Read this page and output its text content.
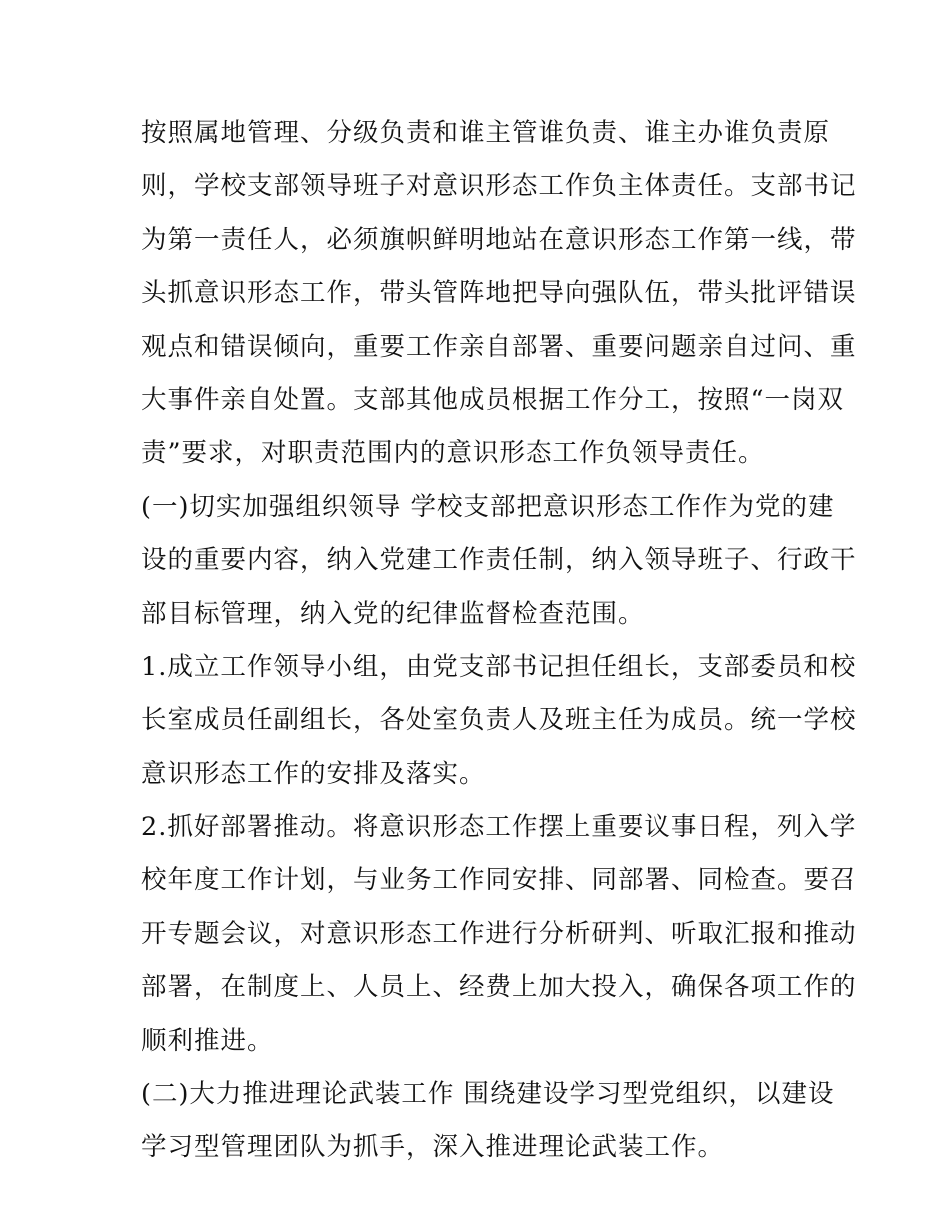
按照属地管理、分级负责和谁主管谁负责、谁主办谁负责原
则，学校支部领导班子对意识形态工作负主体责任。支部书记
为第一责任人，必须旗帜鲜明地站在意识形态工作第一线，带
头抓意识形态工作，带头管阵地把导向强队伍，带头批评错误
观点和错误倾向，重要工作亲自部署、重要问题亲自过问、重
大事件亲自处置。支部其他成员根据工作分工，按照“一岗双
责”要求，对职责范围内的意识形态工作负领导责任。
(一)切实加强组织领导 学校支部把意识形态工作作为党的建
设的重要内容，纳入党建工作责任制，纳入领导班子、行政干
部目标管理，纳入党的纪律监督检查范围。
1.成立工作领导小组，由党支部书记担任组长，支部委员和校
长室成员任副组长，各处室负责人及班主任为成员。统一学校
意识形态工作的安排及落实。
2.抓好部署推动。将意识形态工作摆上重要议事日程，列入学
校年度工作计划，与业务工作同安排、同部署、同检查。要召
开专题会议，对意识形态工作进行分析研判、听取汇报和推动
部署，在制度上、人员上、经费上加大投入，确保各项工作的
顺利推进。
(二)大力推进理论武装工作 围绕建设学习型党组织，以建设
学习型管理团队为抓手，深入推进理论武装工作。
